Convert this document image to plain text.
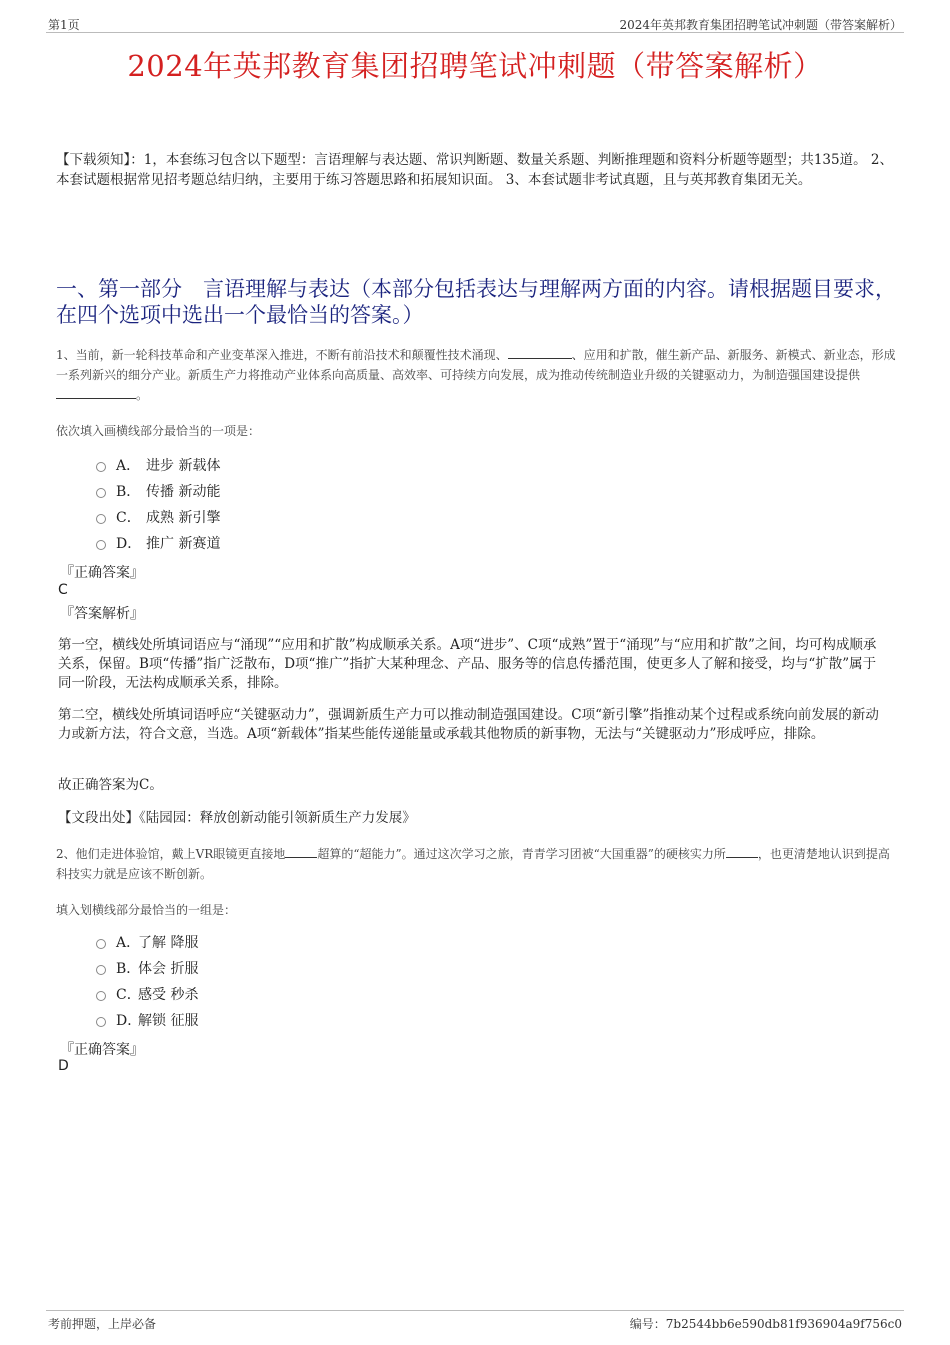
第1页	2024年英邦教育集团招聘笔试冲刺题（带答案解析）
2024年英邦教育集团招聘笔试冲刺题（带答案解析）
【下载须知】：1，本套练习包含以下题型：言语理解与表达题、常识判断题、数量关系题、判断推理题和资料分析题等题型；共135道。 2、本套试题根据常见招考题总结归纳，主要用于练习答题思路和拓展知识面。 3、本套试题非考试真题，且与英邦教育集团无关。
一、第一部分　言语理解与表达（本部分包括表达与理解两方面的内容。请根据题目要求，在四个选项中选出一个最恰当的答案。）
1、当前，新一轮科技革命和产业变革深入推进，不断有前沿技术和颠覆性技术涌现、	、应用和扩散，催生新产品、新服务、新模式、新业态，形成一系列新兴的细分产业。新质生产力将推动产业体系向高质量、高效率、可持续方向发展，成为推动传统制造业升级的关键驱动力，为制造强国建设提供。
依次填入画横线部分最恰当的一项是：
A． 进步 新载体
B． 传播 新动能
C． 成熟 新引擎
D． 推广 新赛道
『正确答案』
C
『答案解析』
第一空，横线处所填词语应与“涌现”“应用和扩散”构成顺承关系。A项“进步”、C项“成熟”置于“涌现”与“应用和扩散”之间，均可构成顺承关系，保留。B项“传播”指广泛散布，D项“推广”指扩大某种理念、产品、服务等的信息传播范围，使更多人了解和接受，均与“扩散”属于同一阶段，无法构成顺承关系，排除。
第二空，横线处所填词语呼应“关键驱动力”，强调新质生产力可以推动制造强国建设。C项“新引擎”指推动某个过程或系统向前发展的新动力或新方法，符合文意，当选。A项“新载体”指某些能传递能量或承载其他物质的新事物，无法与“关键驱动力”形成呼应，排除。
故正确答案为C。
【文段出处】《陆园园：释放创新动能引领新质生产力发展》
2、他们走进体验馆，戴上VR眼镜更直接地	超算的“超能力”。通过这次学习之旅，青青学习团被“大国重器”的硬核实力所	，也更清楚地认识到提高科技实力就是应该不断创新。
填入划横线部分最恰当的一组是：
A．
了解 降服
B．
体会 折服
C．
感受 秒杀
D．
解锁 征服
『正确答案』
D
考前押题，上岸必备	编号：7b2544bb6e590db81f936904a9f756c0
